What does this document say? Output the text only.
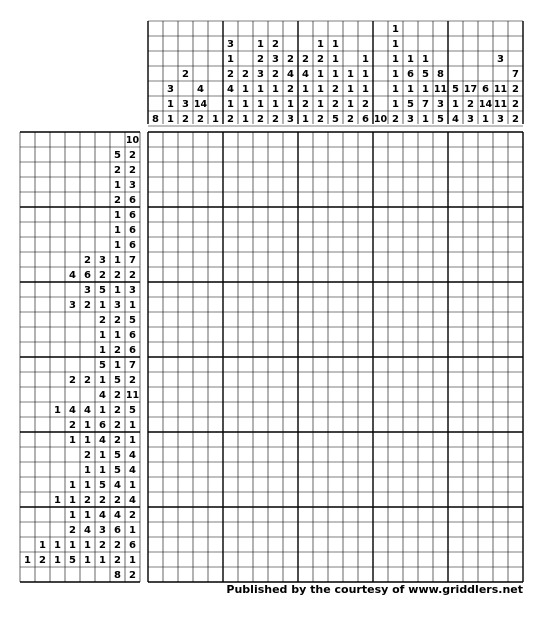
8
3
1
1
2
3
2
4
14
2 1
3
1
2
4
1
2
2
1
1
1
1
2
3
1
1
2
2
3
2
1
1
2
2
4
2
1
3
2
4
1
2
1
1
2
1
1
1
2
1
1
1
2
2
5
1
1
1
2
1
1
1
2
6 10
1
1
1
1
1
1
2
1
6
1
5
3
1
5
1
7
1
8
11
3
5
5
1
4
17
2
3
6
14
1
3
11
11
3
7
2
2
2
10
5 2
2 2
1 3
2 6
1 6
1 6
1 6
2 3 1 7
4 6 2 2 2
3 5 1 3
3 2 1 3 1
2 2 5
1 1 6
1 2 6
5 1 7
2 2 1 5 2
4 2 11
1 4 4 1 2 5
2 1 6 2 1
1 1 4 2 1
2 1 5 4
1 1 5 4
1 1 5 4 1
1 1 2 2 2 4
1 1 4 4 2
2 4 3 6 1
1 1 1 1 2 2 6
1 2 1 5 1 1 2 1
8 2
Published by the courtesy of www.griddlers.net
